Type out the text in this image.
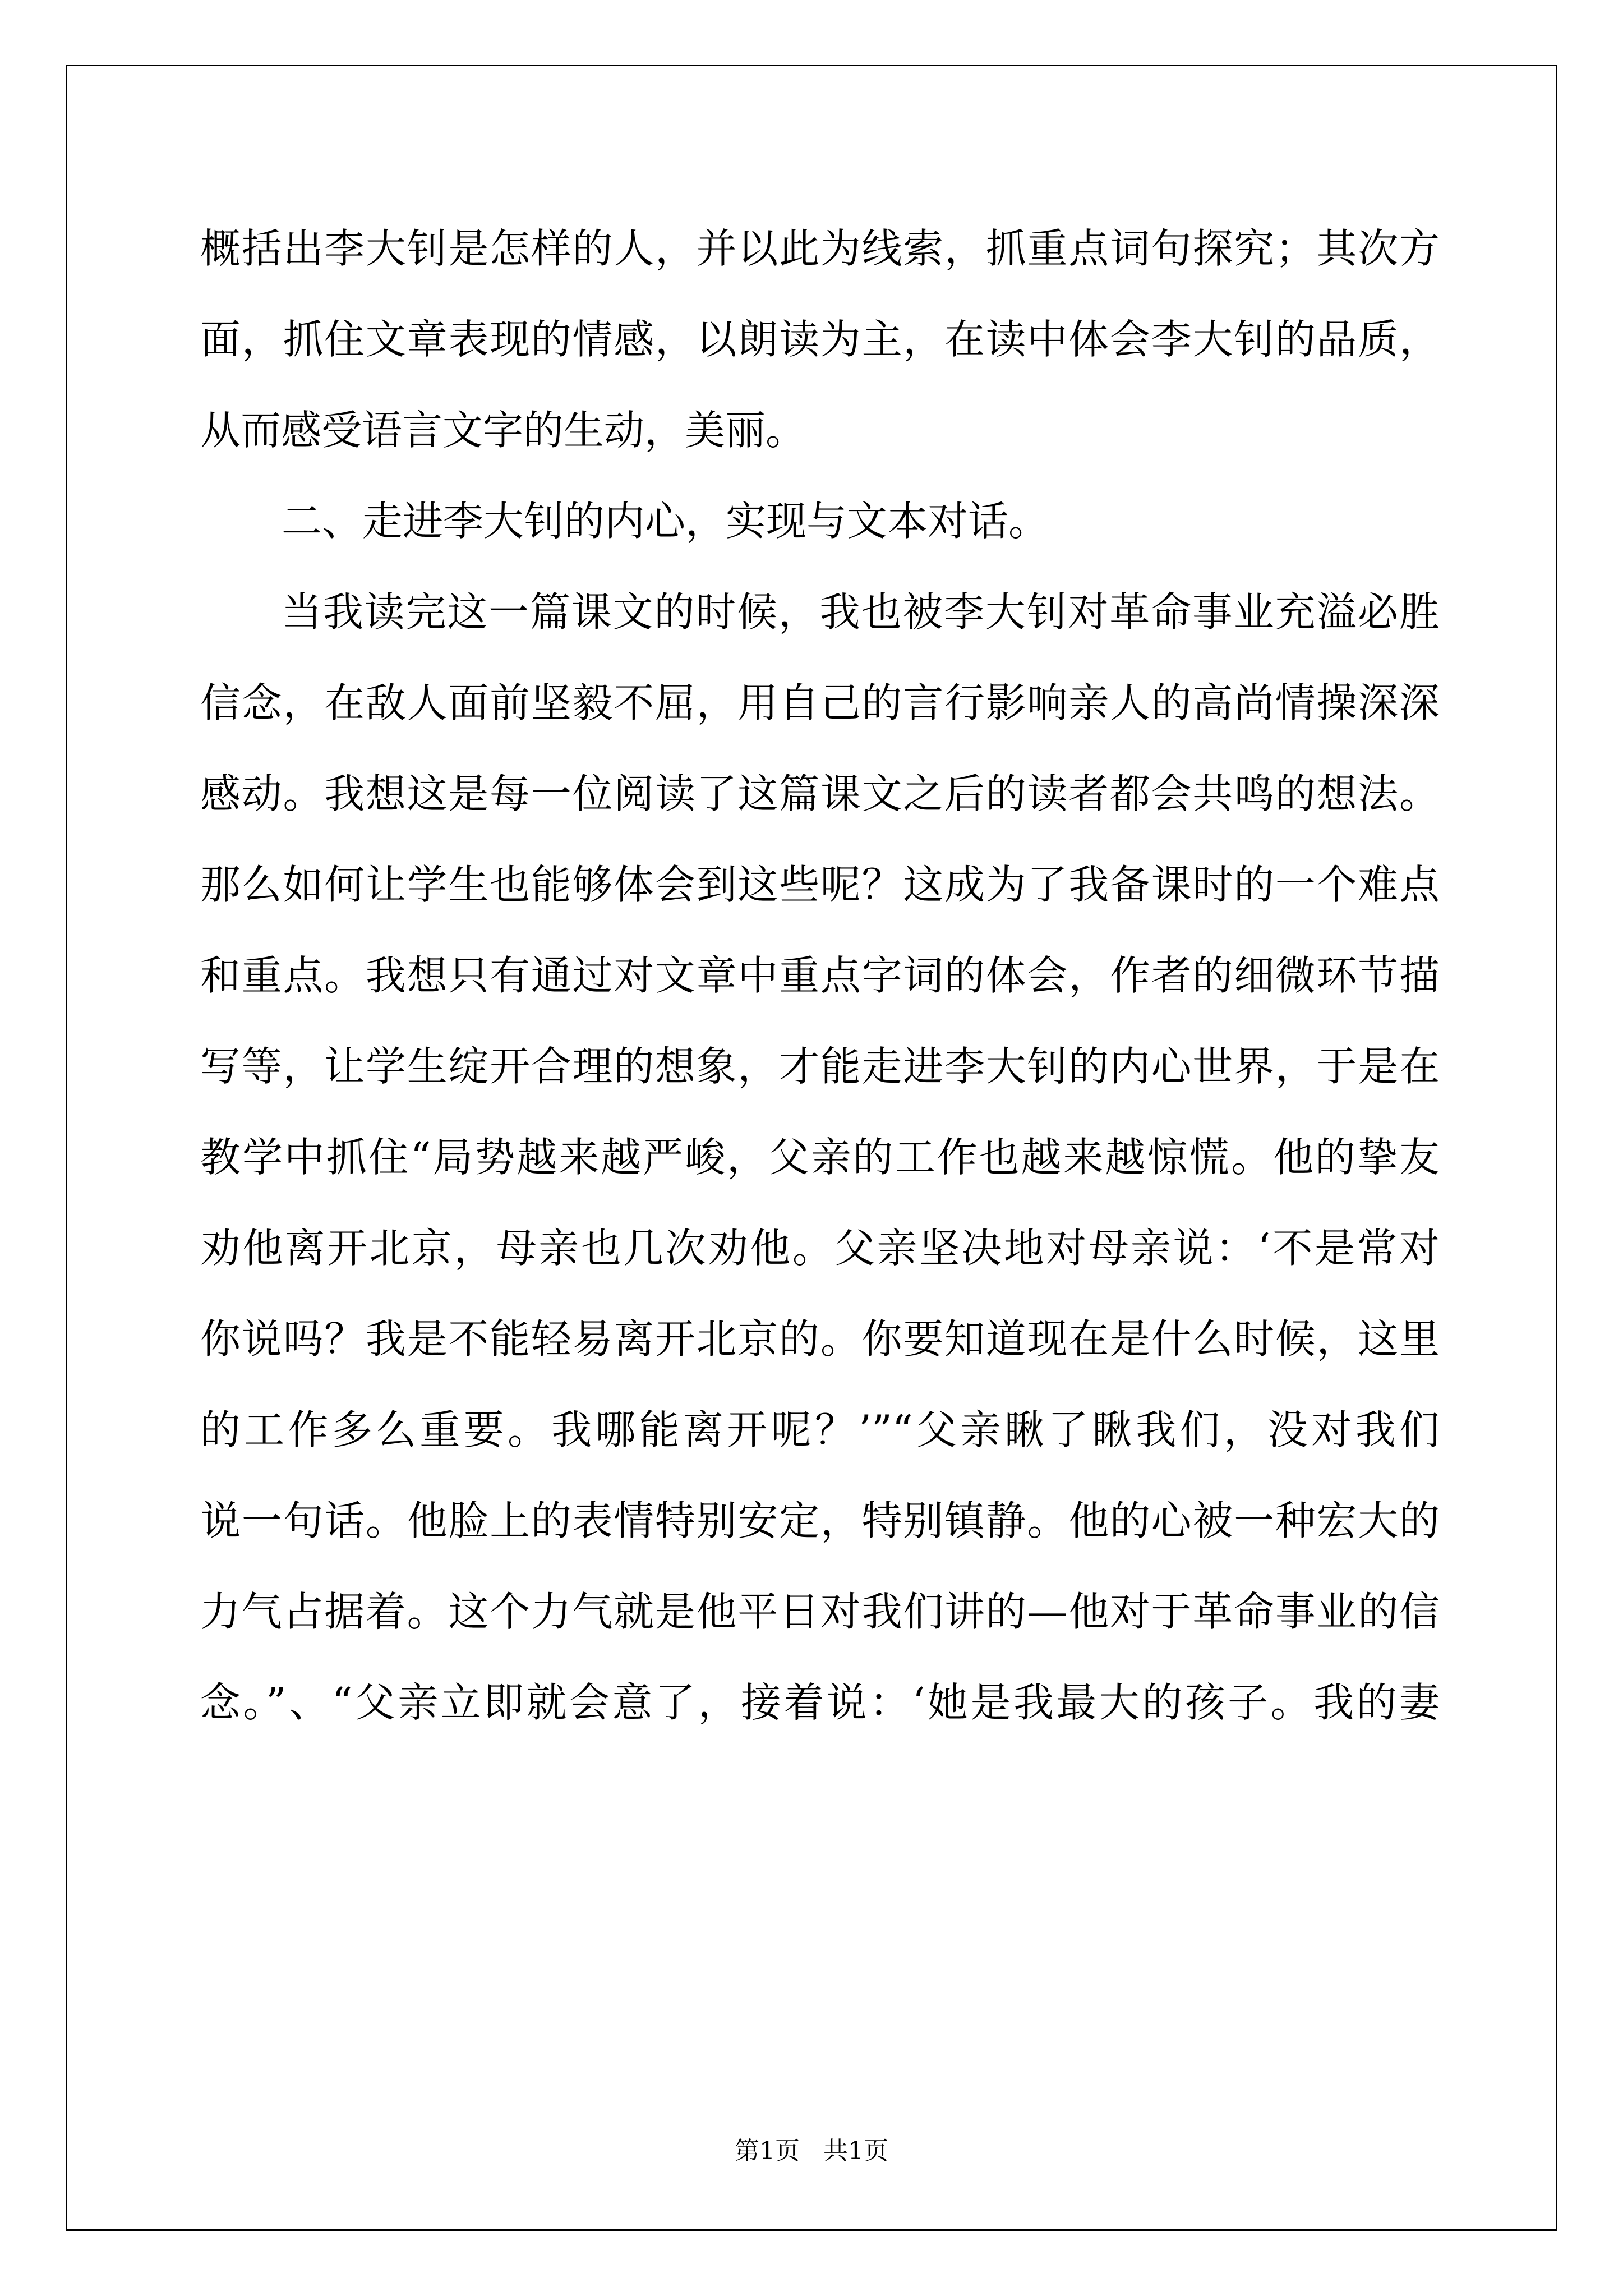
概括出李大钊是怎样的人，并以此为线索，抓重点词句探究；其次方

面，抓住文章表现的情感，以朗读为主，在读中体会李大钊的品质，

从而感受语言文字的生动，美丽。

二、走进李大钊的内心，实现与文本对话。

当我读完这一篇课文的时候，我也被李大钊对革命事业充溢必胜

信念，在敌人面前坚毅不屈，用自己的言行影响亲人的高尚情操深深

感动。我想这是每一位阅读了这篇课文之后的读者都会共鸣的想法。

那么如何让学生也能够体会到这些呢？这成为了我备课时的一个难点

和重点。我想只有通过对文章中重点字词的体会，作者的细微环节描

写等，让学生绽开合理的想象，才能走进李大钊的内心世界，于是在

教学中抓住“局势越来越严峻，父亲的工作也越来越惊慌。他的挚友

劝他离开北京，母亲也几次劝他。父亲坚决地对母亲说：‘不是常对

你说吗？我是不能轻易离开北京的。你要知道现在是什么时候，这里

的工作多么重要。我哪能离开呢？’”“父亲瞅了瞅我们，没对我们

说一句话。他脸上的表情特别安定，特别镇静。他的心被一种宏大的

力气占据着。这个力气就是他平日对我们讲的—他对于革命事业的信

念。”、“父亲立即就会意了，接着说：‘她是我最大的孩子。我的妻

第1页   共1页
